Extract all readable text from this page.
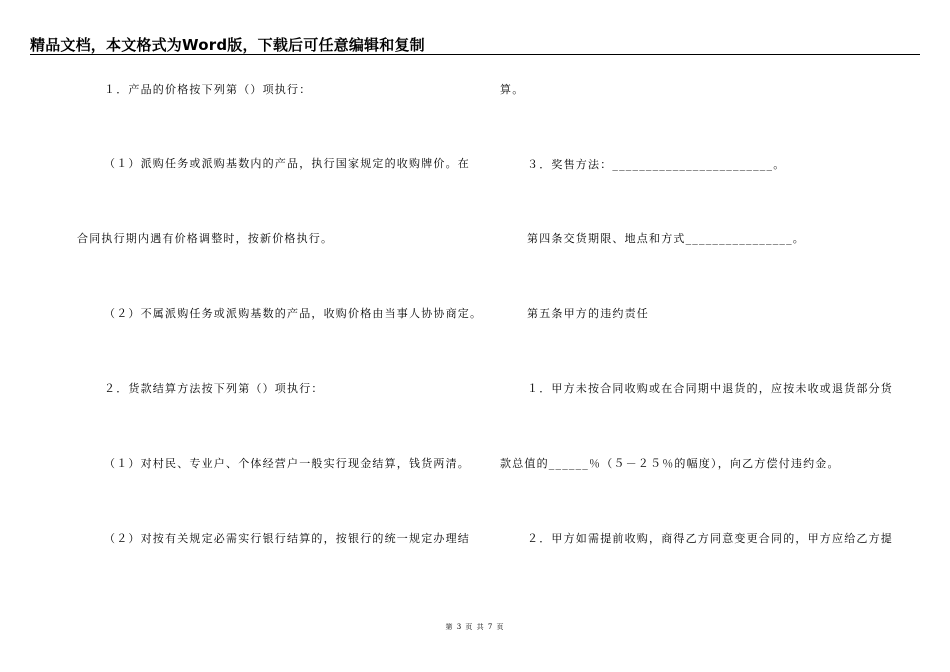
精品文档，本文格式为Word版，下载后可任意编辑和复制
１．产品的价格按下列第（）项执行：
（１）派购任务或派购基数内的产品，执行国家规定的收购牌价。在
合同执行期内遇有价格调整时，按新价格执行。
（２）不属派购任务或派购基数的产品，收购价格由当事人协协商定。
２．货款结算方法按下列第（）项执行：
（１）对村民、专业户、个体经营户一般实行现金结算，钱货两清。
（２）对按有关规定必需实行银行结算的，按银行的统一规定办理结
算。
３．奖售方法：________________________。
第四条交货期限、地点和方式________________。
第五条甲方的违约责任
１．甲方未按合同收购或在合同期中退货的，应按未收或退货部分货
款总值的______％（５－２５％的幅度），向乙方偿付违约金。
２．甲方如需提前收购，商得乙方同意变更合同的，甲方应给乙方提
第 3 页 共 7 页
